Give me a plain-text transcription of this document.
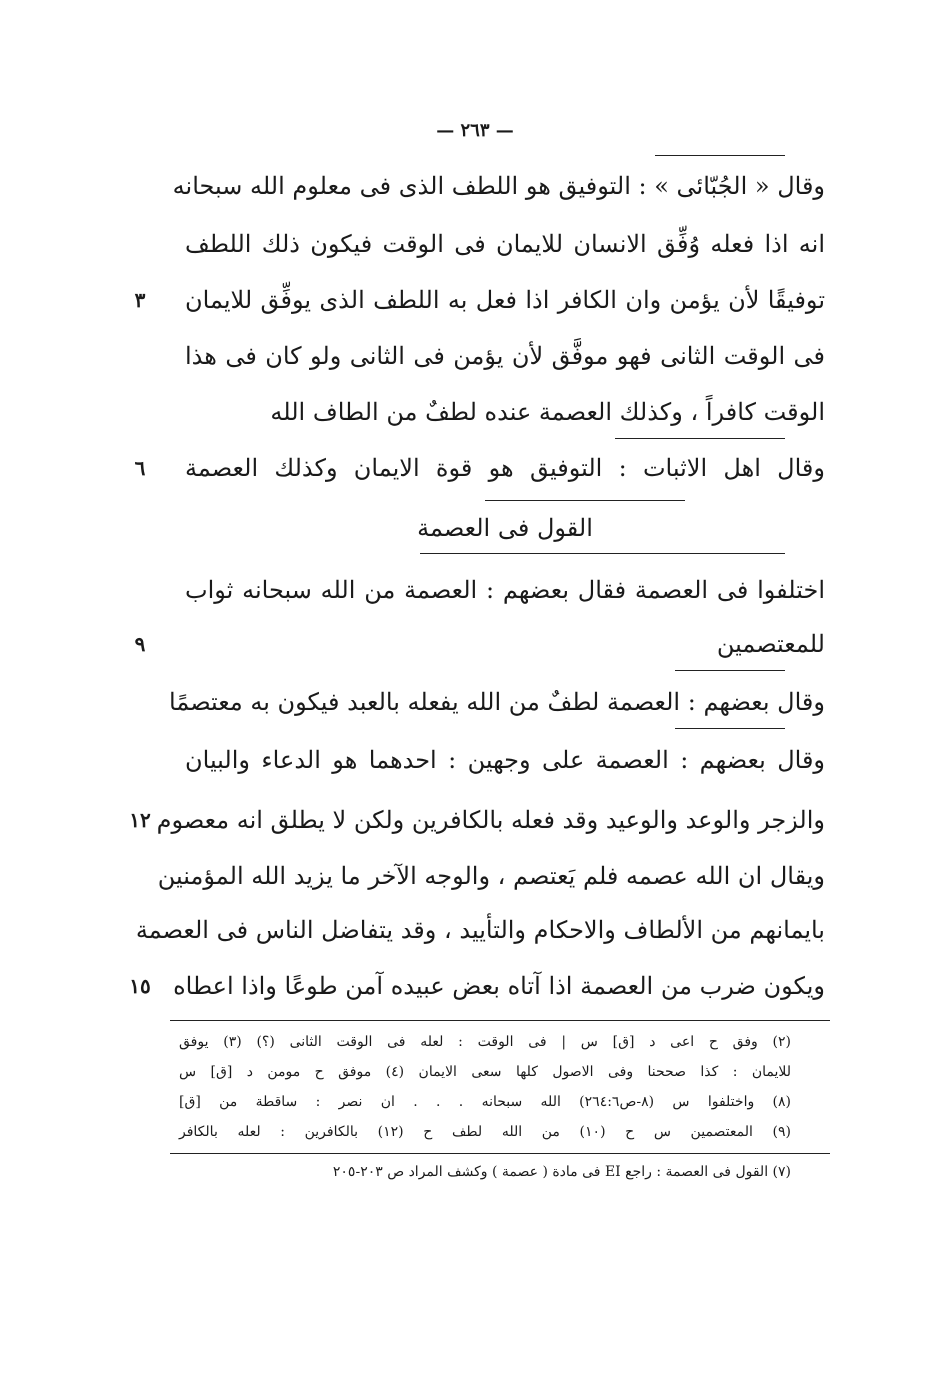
— ٢٦٣ —
وقال « الجُبّائى » : التوفيق هو اللطف الذى فى معلوم الله سبحانه
انه اذا فعله وُفِّق الانسان للايمان فى الوقت فيكون ذلك اللطف
توفيقًا لأن يؤمن وان الكافر اذا فعل به اللطف الذى يوفِّق للايمان
فى الوقت الثانى فهو موفَّق لأن يؤمن فى الثانى ولو كان فى هذا
الوقت كافراً ، وكذلك العصمة عنده لطفٌ من الطاف الله
وقال اهل الاثبات : التوفيق هو قوة الايمان وكذلك العصمة
القول فى العصمة
اختلفوا فى العصمة فقال بعضهم : العصمة من الله سبحانه ثواب
للمعتصمين
وقال بعضهم : العصمة لطفٌ من الله يفعله بالعبد فيكون به معتصمًا
وقال بعضهم : العصمة على وجهين : احدهما هو الدعاء والبيان
والزجر والوعد والوعيد وقد فعله بالكافرين ولكن لا يطلق انه معصوم
ويقال ان الله عصمه فلم يَعتصم ، والوجه الآخر ما يزيد الله المؤمنين
بايمانهم من الألطاف والاحكام والتأييد ، وقد يتفاضل الناس فى العصمة
ويكون ضرب من العصمة اذا آتاه بعض عبيده آمن طوعًا واذا اعطاه
٣
٦
٩
١٢
١٥
(٢) وفق ح اعى د [ق] س | فى الوقت : لعله فى الوقت الثانى (؟) (٣) يوفق
للايمان : كذا صححنا وفى الاصول كلها سعى الايمان (٤) موفق ح مومن د [ق] س
(٨) واختلفوا س (٨-ص٢٦٤:٦) الله سبحانه . . . ان نصر : ساقطة من [ق]
(٩) المعتصمين س ح (١٠) من الله لطف ح (١٢) بالكافرين : لعله بالكافر
(٧) القول فى العصمة : راجع EI فى مادة ( عصمة ) وكشف المراد ص ٢٠٣-٢٠٥
